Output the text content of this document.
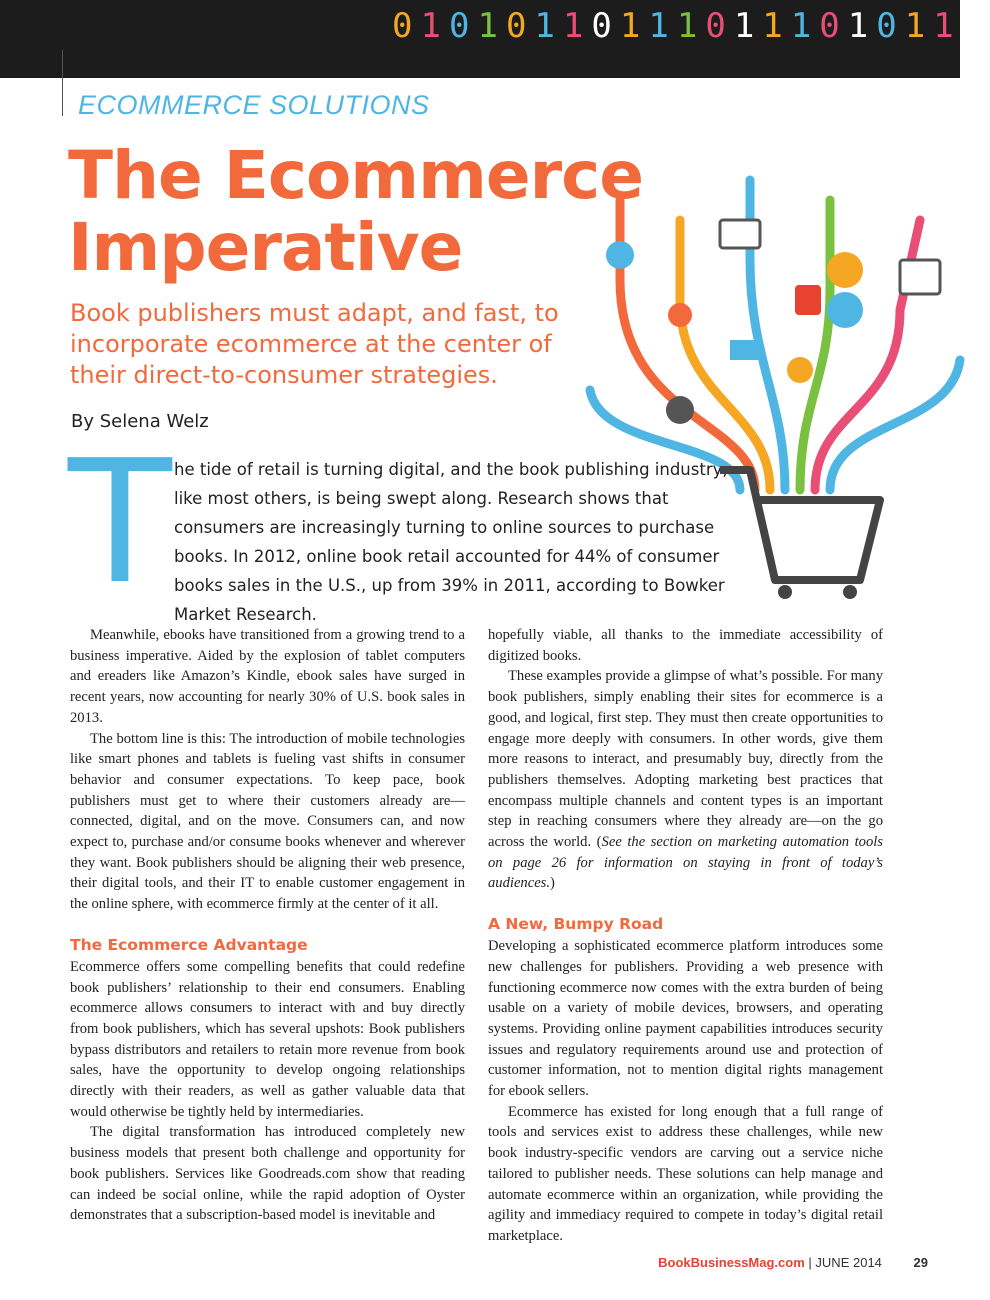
010101101110111010110
ECOMMERCE SOLUTIONS
The Ecommerce
Imperative
Book publishers must adapt, and fast, to incorporate ecommerce at the center of their direct-to-consumer strategies.
By Selena Welz
T he tide of retail is turning digital, and the book publishing industry, like most others, is being swept along. Research shows that consumers are increasingly turning to online sources to purchase books. In 2012, online book retail accounted for 44% of consumer books sales in the U.S., up from 39% in 2011, according to Bowker Market Research.

Meanwhile, ebooks have transitioned from a growing trend to a business imperative. Aided by the explosion of tablet computers and ereaders like Amazon’s Kindle, ebook sales have surged in recent years, now accounting for nearly 30% of U.S. book sales in 2013.

The bottom line is this: The introduction of mobile technologies like smart phones and tablets is fueling vast shifts in consumer behavior and consumer expectations. To keep pace, book publishers must get to where their customers already are—connected, digital, and on the move. Consumers can, and now expect to, purchase and/or consume books whenever and wherever they want. Book publishers should be aligning their web presence, their digital tools, and their IT to enable customer engagement in the online sphere, with ecommerce firmly at the center of it all.

The Ecommerce Advantage

Ecommerce offers some compelling benefits that could redefine book publishers’ relationship to their end consumers. Enabling ecommerce allows consumers to interact with and buy directly from book publishers, which has several upshots: Book publishers bypass distributors and retailers to retain more revenue from book sales, have the opportunity to develop ongoing relationships directly with their readers, as well as gather valuable data that would otherwise be tightly held by intermediaries.

The digital transformation has introduced completely new business models that present both challenge and opportunity for book publishers. Services like Goodreads.com show that reading can indeed be social online, while the rapid adoption of Oyster demonstrates that a subscription-based model is inevitable and

hopefully viable, all thanks to the immediate accessibility of digitized books.

These examples provide a glimpse of what’s possible. For many book publishers, simply enabling their sites for ecommerce is a good, and logical, first step. They must then create opportunities to engage more deeply with consumers. In other words, give them more reasons to interact, and presumably buy, directly from the publishers themselves. Adopting marketing best practices that encompass multiple channels and content types is an important step in reaching consumers where they already are—on the go across the world. (See the section on marketing automation tools on page 26 for information on staying in front of today’s audiences.)

A New, Bumpy Road

Developing a sophisticated ecommerce platform introduces some new challenges for publishers. Providing a web presence with functioning ecommerce now comes with the extra burden of being usable on a variety of mobile devices, browsers, and operating systems. Providing online payment capabilities introduces security issues and regulatory requirements around use and protection of customer information, not to mention digital rights management for ebook sellers.

Ecommerce has existed for long enough that a full range of tools and services exist to address these challenges, while new book industry-specific vendors are carving out a service niche tailored to publisher needs. These solutions can help manage and automate ecommerce within an organization, while providing the agility and immediacy required to compete in today’s digital retail marketplace.

BookBusinessMag.com | JUNE 2014 29
